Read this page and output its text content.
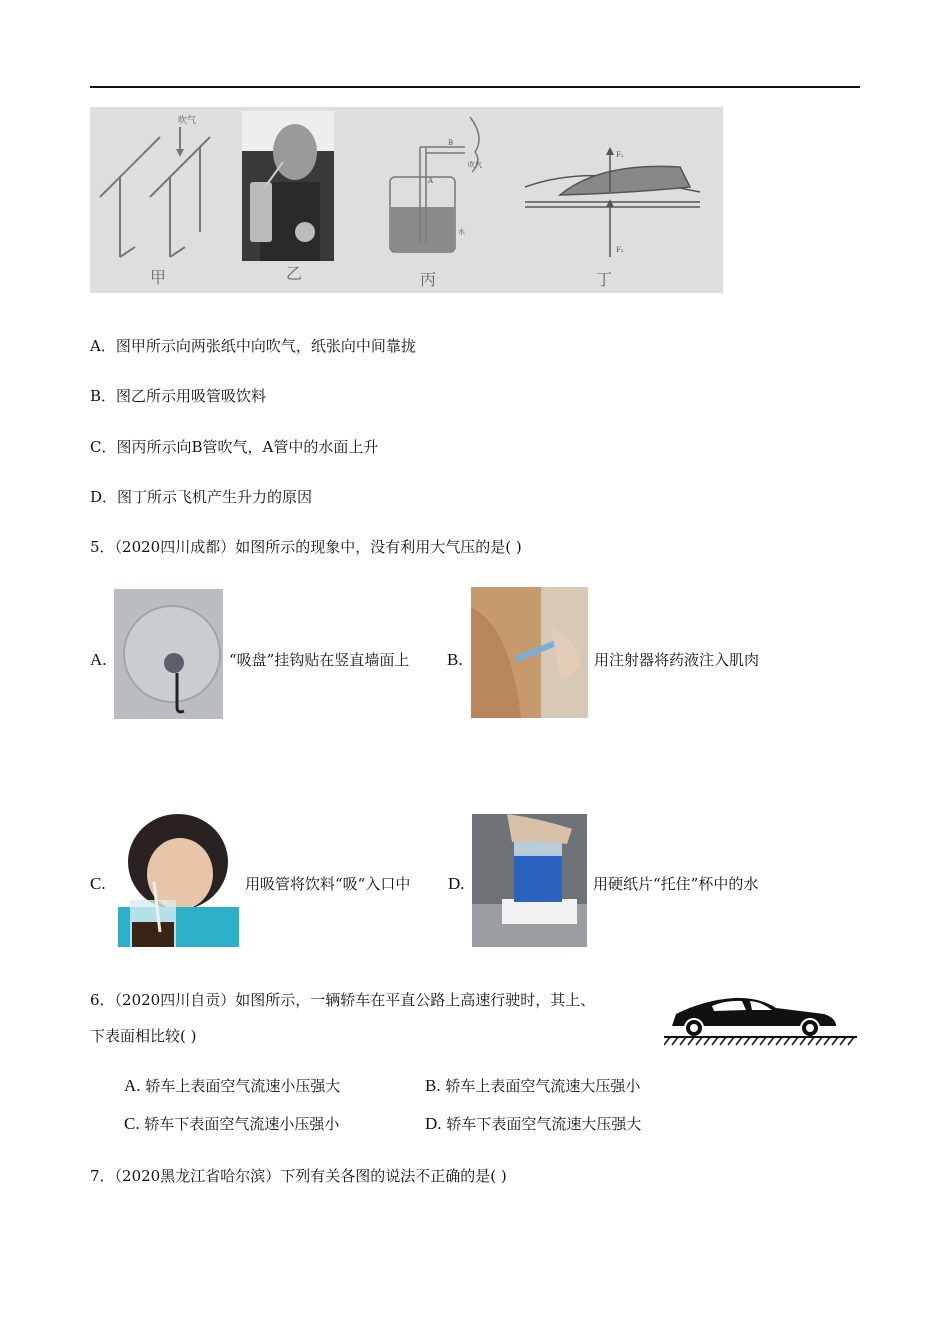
吹气
B
A
水
吹气
F₁
F₂
甲	乙	丙	丁
A．图甲所示向两张纸中向吹气，纸张向中间靠拢
B．图乙所示用吸管吸饮料
C．图丙所示向B管吹气，A管中的水面上升
D．图丁所示飞机产生升力的原因
5．（2020四川成都）如图所示的现象中，没有利用大气压的是( )
A.	“吸盘”挂钩贴在竖直墙面上 B.	用注射器将药液注入肌肉
C.	用吸管将饮料“吸“入口中 D.	用硬纸片“托住”杯中的水
6．（2020四川自贡）如图所示，一辆轿车在平直公路上高速行驶时，其上、
下表面相比较( )
A. 轿车上表面空气流速小压强大	B. 轿车上表面空气流速大压强小
C. 轿车下表面空气流速小压强小	D. 轿车下表面空气流速大压强大
7．（2020黑龙江省哈尔滨）下列有关各图的说法不正确的是( )
